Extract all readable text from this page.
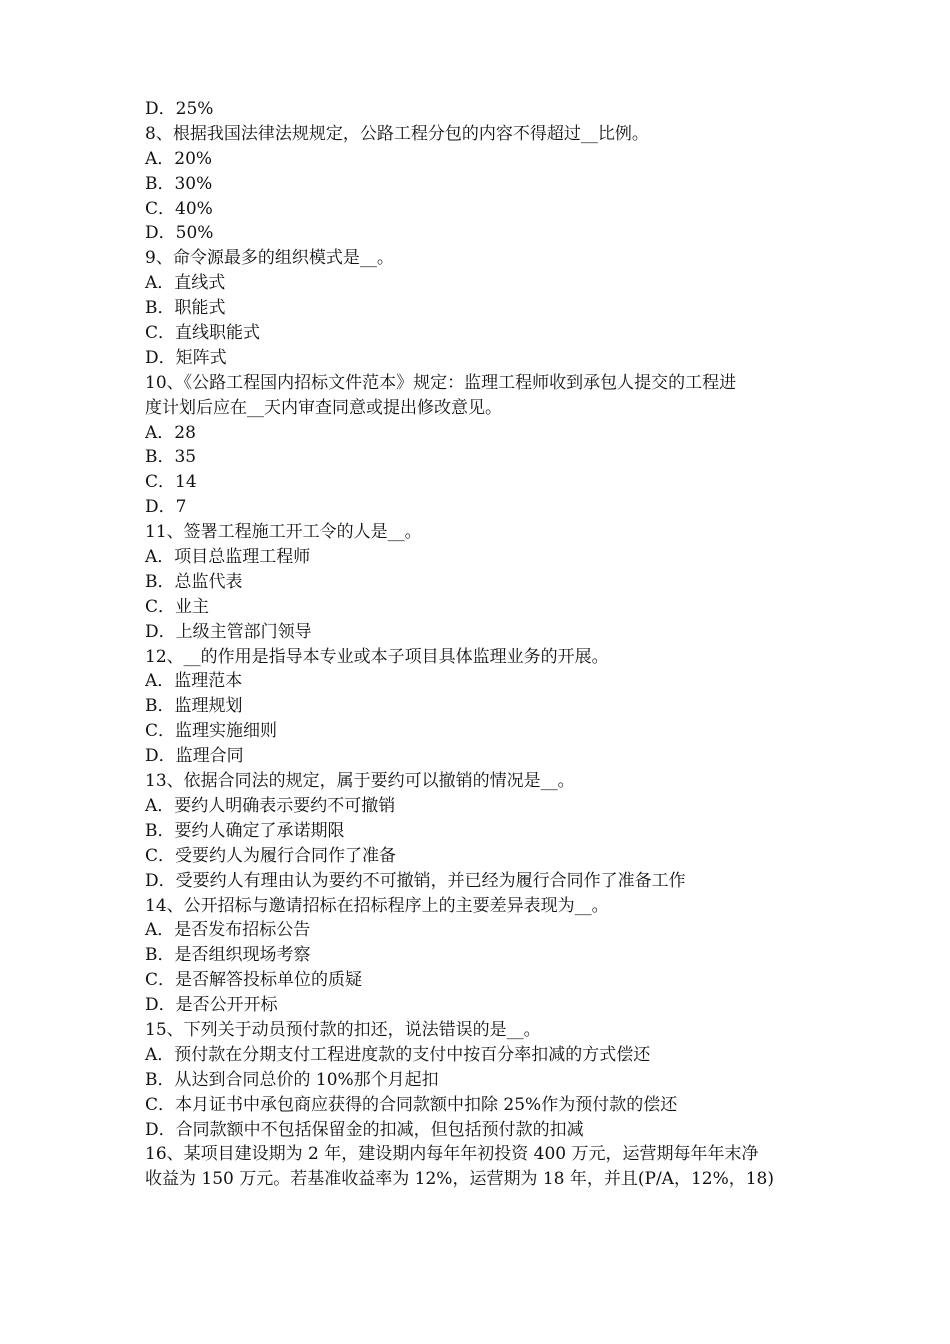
D．25%
8、根据我国法律法规规定，公路工程分包的内容不得超过__比例。
A．20%
B．30%
C．40%
D．50%
9、命令源最多的组织模式是__。
A．直线式
B．职能式
C．直线职能式
D．矩阵式
10、《公路工程国内招标文件范本》规定：监理工程师收到承包人提交的工程进
度计划后应在__天内审查同意或提出修改意见。
A．28
B．35
C．14
D．7
11、签署工程施工开工令的人是__。
A．项目总监理工程师
B．总监代表
C．业主
D．上级主管部门领导
12、__的作用是指导本专业或本子项目具体监理业务的开展。
A．监理范本
B．监理规划
C．监理实施细则
D．监理合同
13、依据合同法的规定，属于要约可以撤销的情况是__。
A．要约人明确表示要约不可撤销
B．要约人确定了承诺期限
C．受要约人为履行合同作了准备
D．受要约人有理由认为要约不可撤销，并已经为履行合同作了准备工作
14、公开招标与邀请招标在招标程序上的主要差异表现为__。
A．是否发布招标公告
B．是否组织现场考察
C．是否解答投标单位的质疑
D．是否公开开标
15、下列关于动员预付款的扣还，说法错误的是__。
A．预付款在分期支付工程进度款的支付中按百分率扣减的方式偿还
B．从达到合同总价的 10%那个月起扣
C．本月证书中承包商应获得的合同款额中扣除 25%作为预付款的偿还
D．合同款额中不包括保留金的扣减，但包括预付款的扣减
16、某项目建设期为 2 年，建设期内每年年初投资 400 万元，运营期每年年末净
收益为 150 万元。若基准收益率为 12%，运营期为 18 年，并且(P/A，12%，18)
